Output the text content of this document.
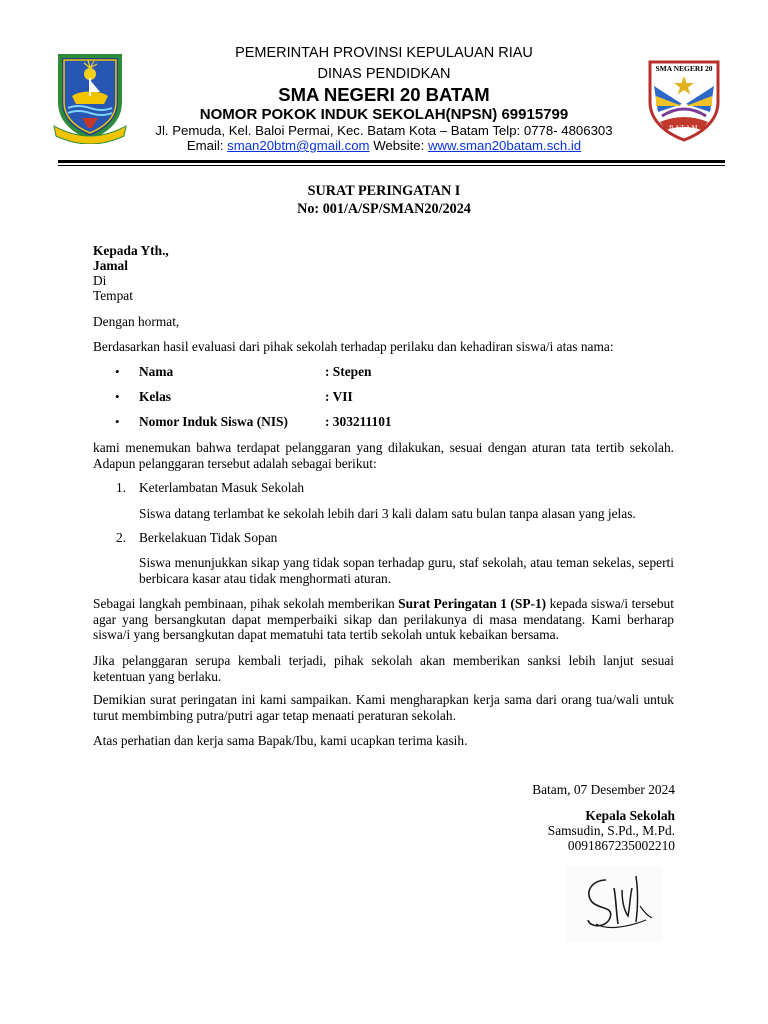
SMA NEGERI 20
BATAM
PEMERINTAH PROVINSI KEPULAUAN RIAU
DINAS PENDIDKAN
SMA NEGERI 20 BATAM
NOMOR POKOK INDUK SEKOLAH(NPSN) 69915799
Jl. Pemuda, Kel. Baloi Permai, Kec. Batam Kota – Batam Telp: 0778- 4806303
Email: sman20btm@gmail.com Website: www.sman20batam.sch.id
SURAT PERINGATAN I
No: 001/A/SP/SMAN20/2024
Kepada Yth.,
Jamal
Di
Tempat
Dengan hormat,
Berdasarkan hasil evaluasi dari pihak sekolah terhadap perilaku dan kehadiran siswa/i atas nama:
• Nama	: Stepen
• Kelas	: VII
• Nomor Induk Siswa (NIS)	: 303211101
kami menemukan bahwa terdapat pelanggaran yang dilakukan, sesuai dengan aturan tata tertib sekolah. Adapun pelanggaran tersebut adalah sebagai berikut:
1. Keterlambatan Masuk Sekolah
Siswa datang terlambat ke sekolah lebih dari 3 kali dalam satu bulan tanpa alasan yang jelas.
2. Berkelakuan Tidak Sopan
Siswa menunjukkan sikap yang tidak sopan terhadap guru, staf sekolah, atau teman sekelas, seperti berbicara kasar atau tidak menghormati aturan.
Sebagai langkah pembinaan, pihak sekolah memberikan Surat Peringatan 1 (SP-1) kepada siswa/i tersebut agar yang bersangkutan dapat memperbaiki sikap dan perilakunya di masa mendatang. Kami berharap siswa/i yang bersangkutan dapat mematuhi tata tertib sekolah untuk kebaikan bersama.
Jika pelanggaran serupa kembali terjadi, pihak sekolah akan memberikan sanksi lebih lanjut sesuai ketentuan yang berlaku.
Demikian surat peringatan ini kami sampaikan. Kami mengharapkan kerja sama dari orang tua/wali untuk turut membimbing putra/putri agar tetap menaati peraturan sekolah.
Atas perhatian dan kerja sama Bapak/Ibu, kami ucapkan terima kasih.
Batam, 07 Desember 2024
Kepala Sekolah
Samsudin, S.Pd., M.Pd.
0091867235002210
